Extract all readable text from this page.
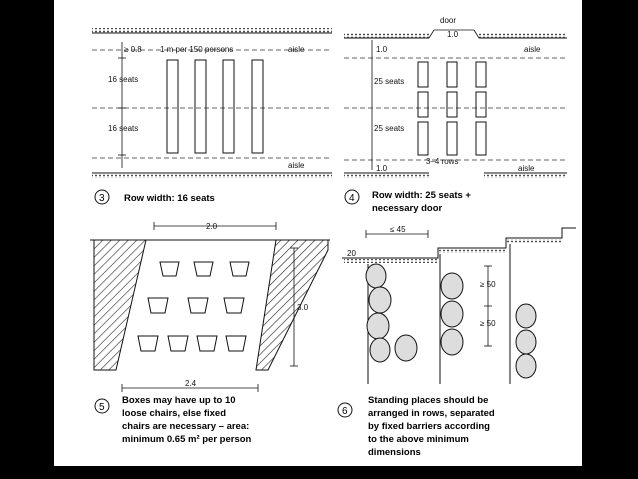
≥ 0.8 1 m per 150 persons	aisle
aisle
16 seats
16 seats
3 Row width: 16 seats
door
1.0
1.0	aisle
25 seats
25 seats
3–4 rows
1.0	aisle
4 Row width: 25 seats +
necessary door
2.0
3.0
2.4
5
Boxes may have up to 10
loose chairs, else fixed
chairs are necessary – area:
minimum 0.65 m² per person
≤ 45
20
≥ 50
≥ 50
6
Standing places should be
arranged in rows, separated
by fixed barriers according
to the above minimum
dimensions
